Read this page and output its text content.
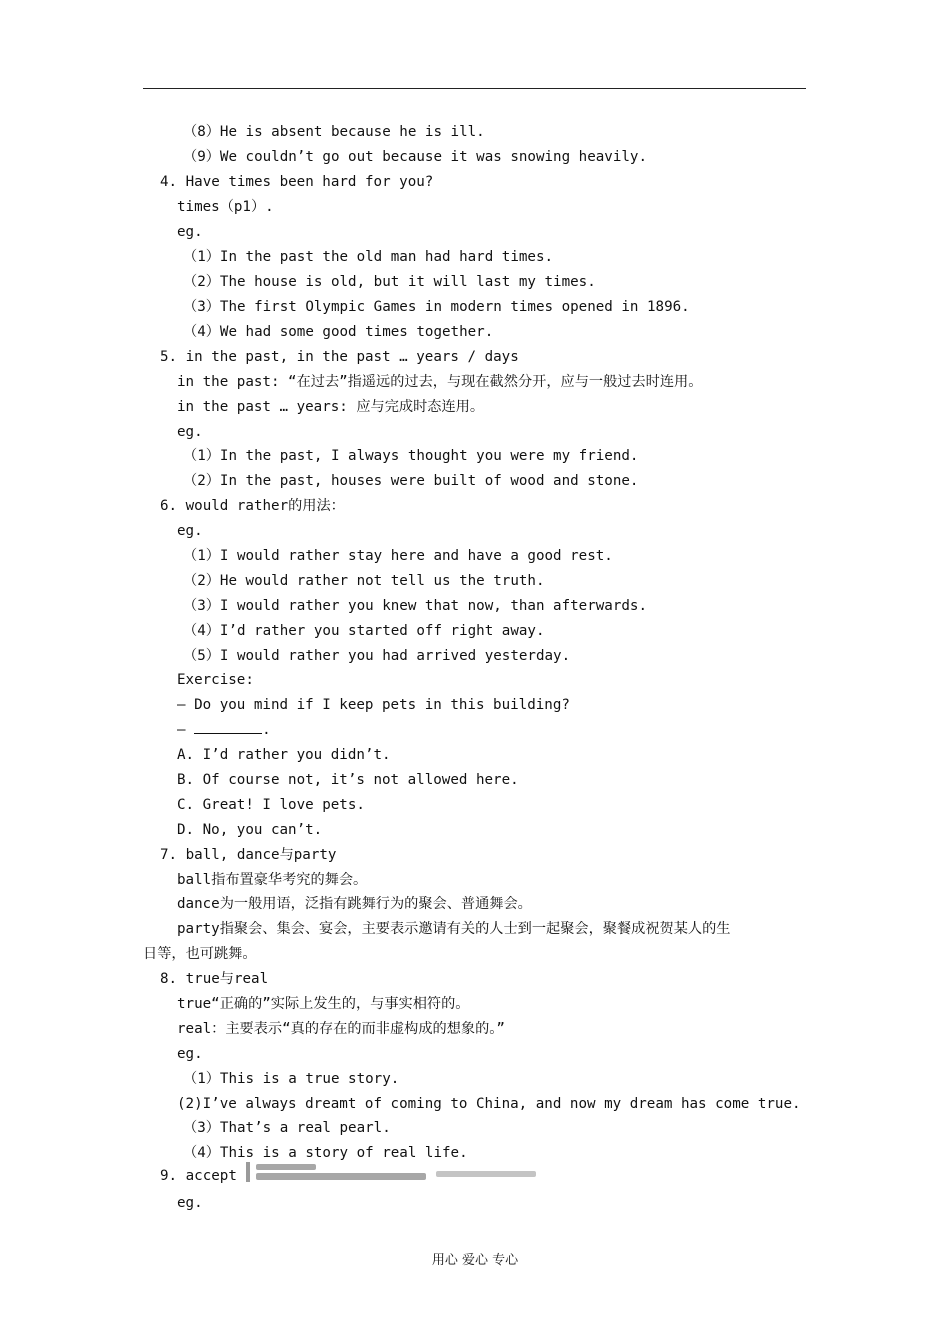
（8）He is absent because he is ill.
（9）We couldn’t go out because it was snowing heavily.
4. Have times been hard for you?
times（p1）.
eg.
（1）In the past the old man had hard times.
（2）The house is old, but it will last my times.
（3）The first Olympic Games in modern times opened in 1896.
（4）We had some good times together.
5. in the past, in the past … years / days
in the past: “在过去”指遥远的过去，与现在截然分开，应与一般过去时连用。
in the past … years: 应与完成时态连用。
eg.
（1）In the past, I always thought you were my friend.
（2）In the past, houses were built of wood and stone.
6. would rather的用法：
eg.
（1）I would rather stay here and have a good rest.
（2）He would rather not tell us the truth.
（3）I would rather you knew that now, than afterwards.
（4）I’d rather you started off right away.
（5）I would rather you had arrived yesterday.
Exercise:
— Do you mind if I keep pets in this building?
—	.
A. I’d rather you didn’t.
B. Of course not, it’s not allowed here.
C. Great! I love pets.
D. No, you can’t.
7. ball, dance与party
ball指布置豪华考究的舞会。
dance为一般用语，泛指有跳舞行为的聚会、普通舞会。
party指聚会、集会、宴会，主要表示邀请有关的人士到一起聚会，聚餐成祝贺某人的生
日等，也可跳舞。
8. true与real
true“正确的”实际上发生的，与事实相符的。
real：主要表示“真的存在的而非虚构成的想象的。”
eg.
（1）This is a true story.
(2)I’ve always dreamt of coming to China, and now my dream has come true.
（3）That’s a real pearl.
（4）This is a story of real life.
9. accept
eg.
用心 爱心 专心
